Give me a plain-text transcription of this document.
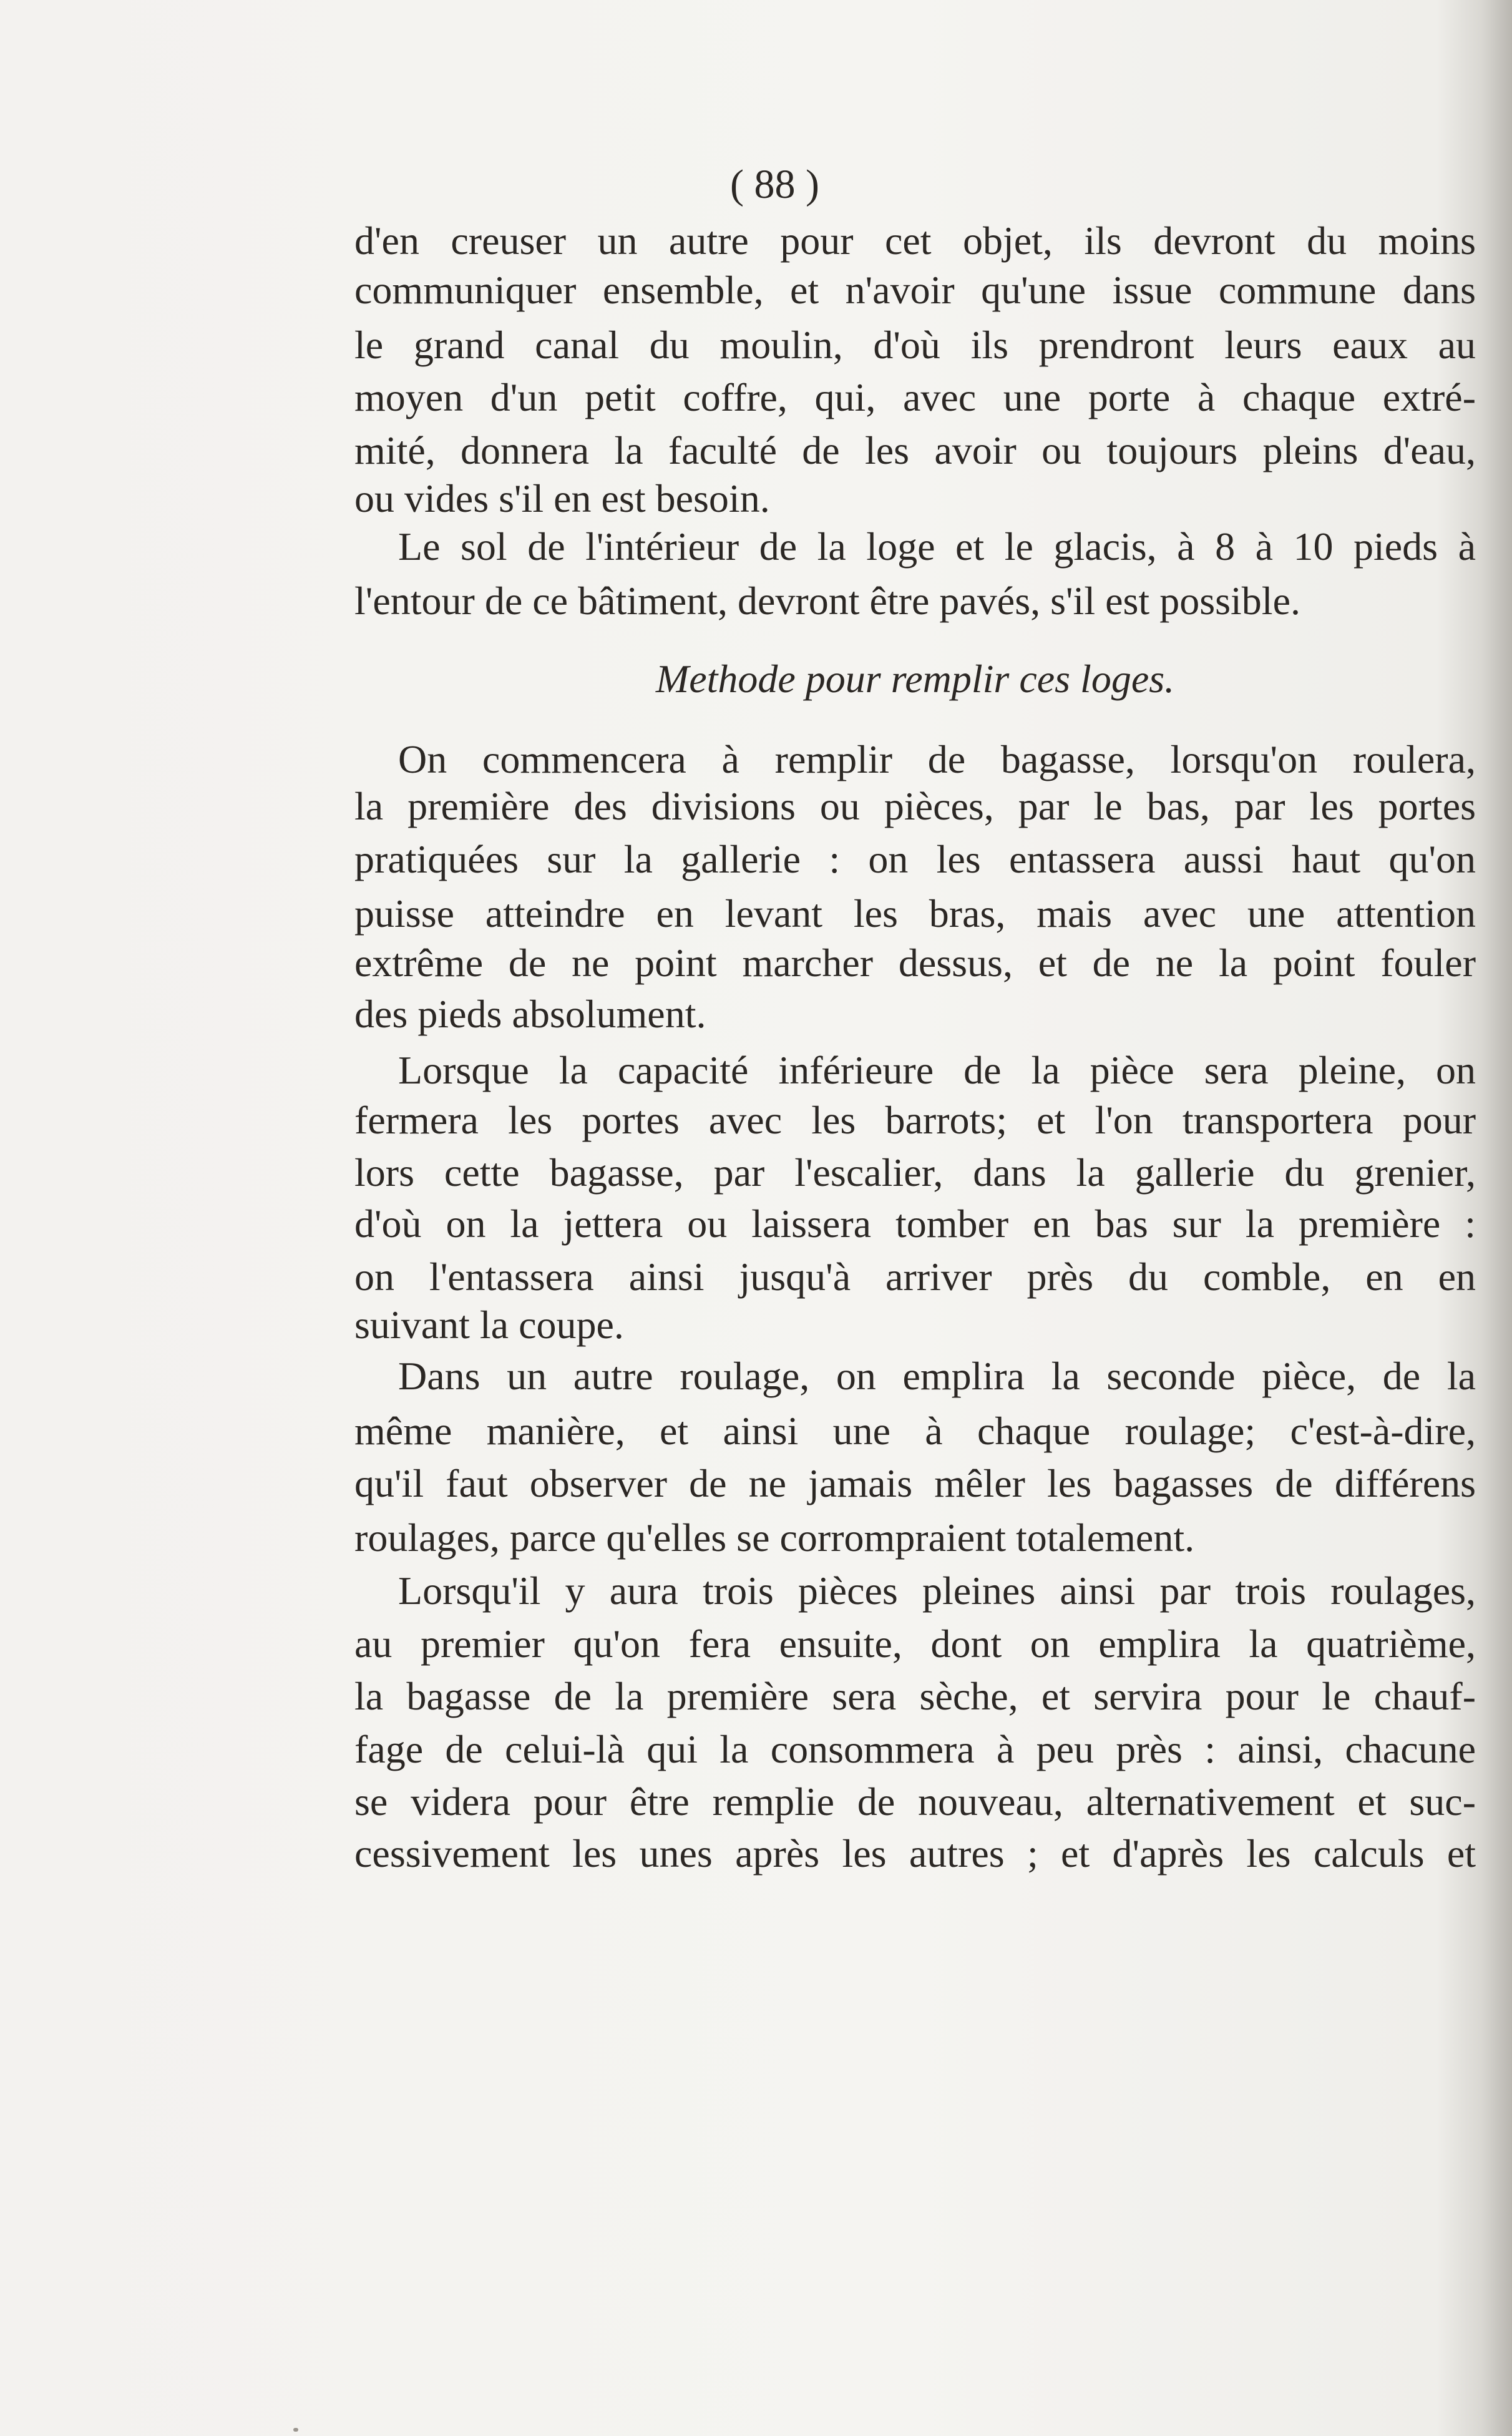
( 88 )
d'en creuser un autre pour cet objet, ils devront du moins
communiquer ensemble, et n'avoir qu'une issue commune dans
le grand canal du moulin, d'où ils prendront leurs eaux au
moyen d'un petit coffre, qui, avec une porte à chaque extré-
mité, donnera la faculté de les avoir ou toujours pleins d'eau,
ou vides s'il en est besoin.
Le sol de l'intérieur de la loge et le glacis, à 8 à 10 pieds à
l'entour de ce bâtiment, devront être pavés, s'il est possible.
Methode pour remplir ces loges.
On commencera à remplir de bagasse, lorsqu'on roulera,
la première des divisions ou pièces, par le bas, par les portes
pratiquées sur la gallerie : on les entassera aussi haut qu'on
puisse atteindre en levant les bras, mais avec une attention
extrême de ne point marcher dessus, et de ne la point fouler
des pieds absolument.
Lorsque la capacité inférieure de la pièce sera pleine, on
fermera les portes avec les barrots; et l'on transportera pour
lors cette bagasse, par l'escalier, dans la gallerie du grenier,
d'où on la jettera ou laissera tomber en bas sur la première :
on l'entassera ainsi jusqu'à arriver près du comble, en en
suivant la coupe.
Dans un autre roulage, on emplira la seconde pièce, de la
même manière, et ainsi une à chaque roulage; c'est-à-dire,
qu'il faut observer de ne jamais mêler les bagasses de différens
roulages, parce qu'elles se corrompraient totalement.
Lorsqu'il y aura trois pièces pleines ainsi par trois roulages,
au premier qu'on fera ensuite, dont on emplira la quatrième,
la bagasse de la première sera sèche, et servira pour le chauf-
fage de celui-là qui la consommera à peu près : ainsi, chacune
se videra pour être remplie de nouveau, alternativement et suc-
cessivement les unes après les autres ; et d'après les calculs et
